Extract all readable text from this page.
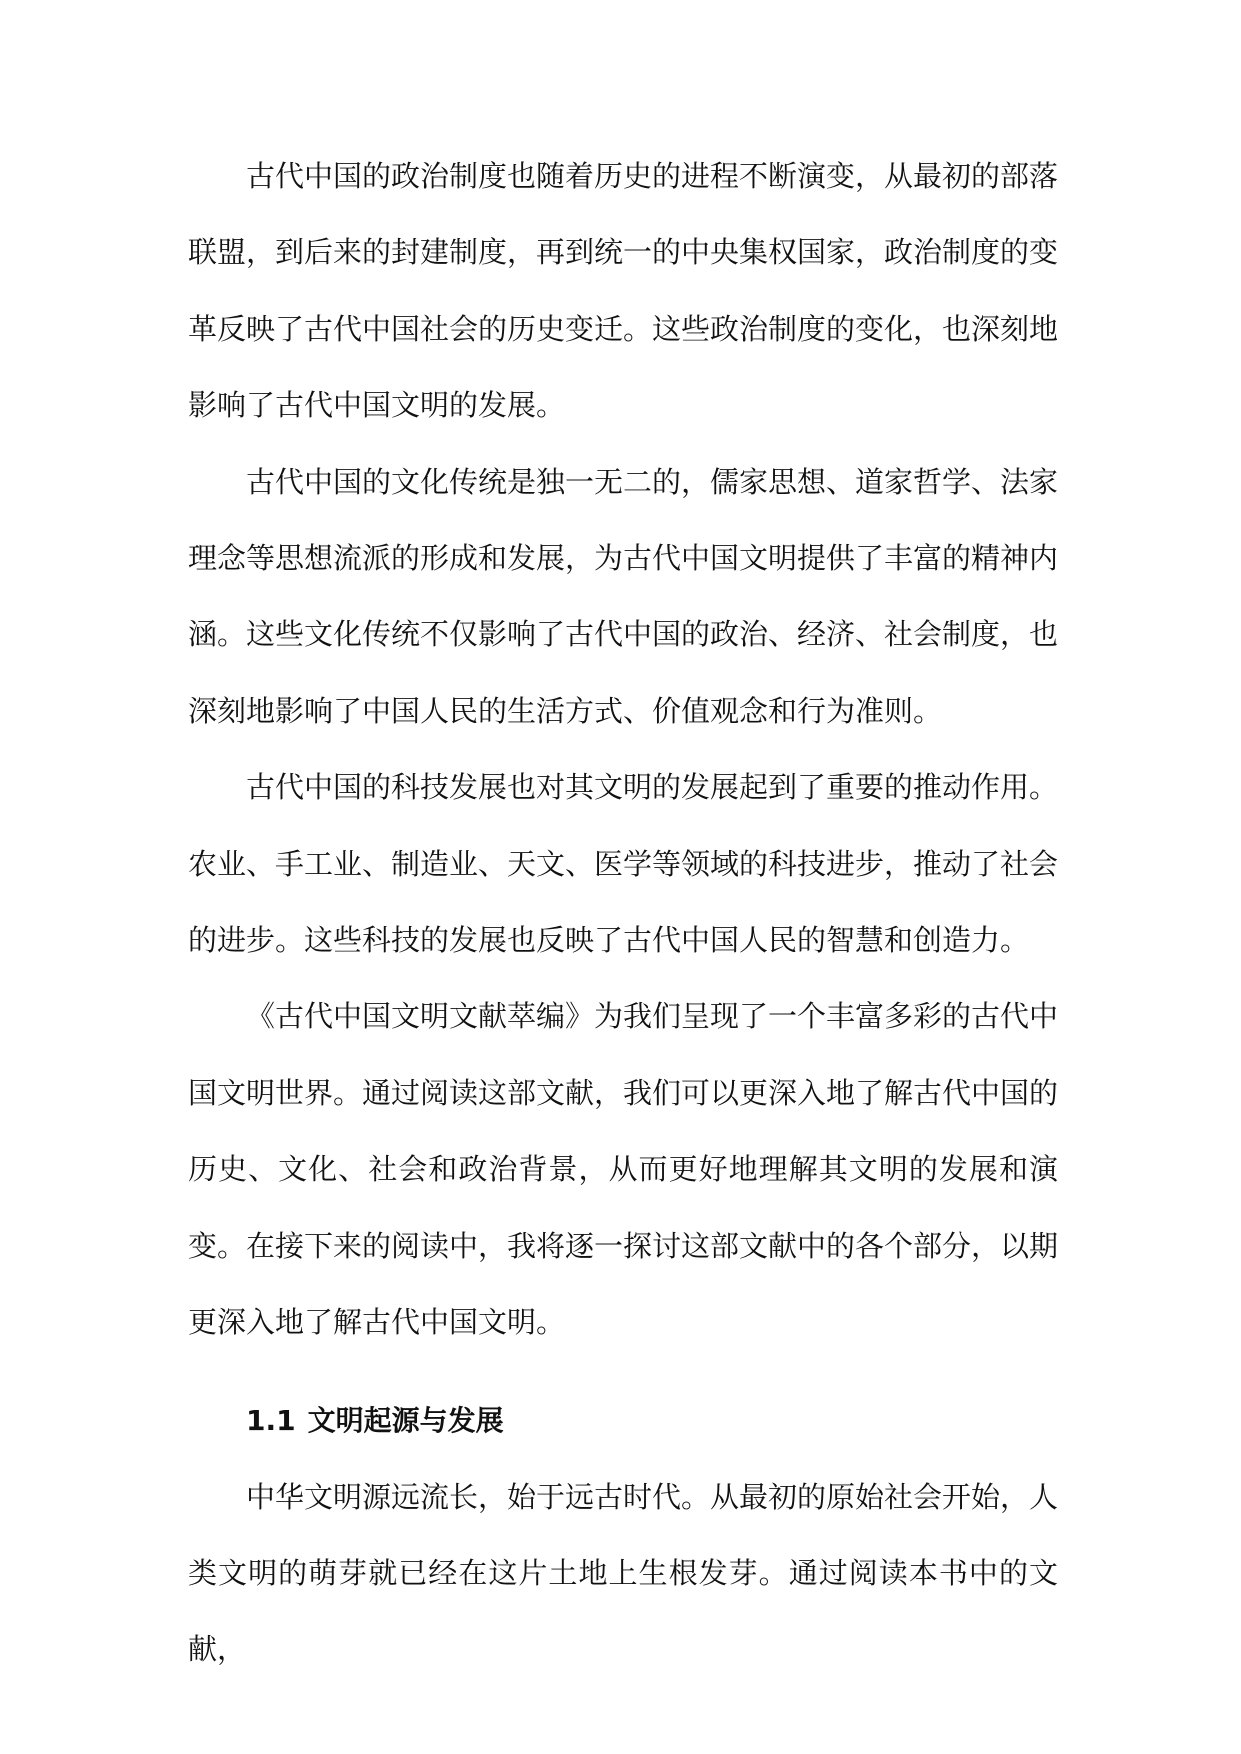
古代中国的政治制度也随着历史的进程不断演变，从最初的部落联盟，到后来的封建制度，再到统一的中央集权国家，政治制度的变革反映了古代中国社会的历史变迁。这些政治制度的变化，也深刻地影响了古代中国文明的发展。

古代中国的文化传统是独一无二的，儒家思想、道家哲学、法家理念等思想流派的形成和发展，为古代中国文明提供了丰富的精神内涵。这些文化传统不仅影响了古代中国的政治、经济、社会制度，也深刻地影响了中国人民的生活方式、价值观念和行为准则。

古代中国的科技发展也对其文明的发展起到了重要的推动作用。农业、手工业、制造业、天文、医学等领域的科技进步，推动了社会的进步。这些科技的发展也反映了古代中国人民的智慧和创造力。

《古代中国文明文献萃编》为我们呈现了一个丰富多彩的古代中国文明世界。通过阅读这部文献，我们可以更深入地了解古代中国的历史、文化、社会和政治背景，从而更好地理解其文明的发展和演变。在接下来的阅读中，我将逐一探讨这部文献中的各个部分，以期更深入地了解古代中国文明。

1.1 文明起源与发展

中华文明源远流长，始于远古时代。从最初的原始社会开始，人类文明的萌芽就已经在这片土地上生根发芽。通过阅读本书中的文献，
